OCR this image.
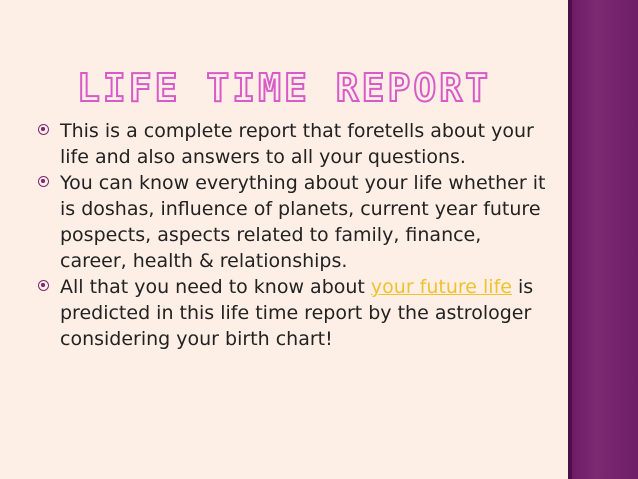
LIFE TIME REPORT
This is a complete report that foretells about your life and also answers to all your questions.
You can know everything about your life whether it is doshas, influence of planets, current year future pospects, aspects related to family, finance, career, health & relationships.
All that you need to know about your future life is predicted in this life time report by the astrologer considering your birth chart!
